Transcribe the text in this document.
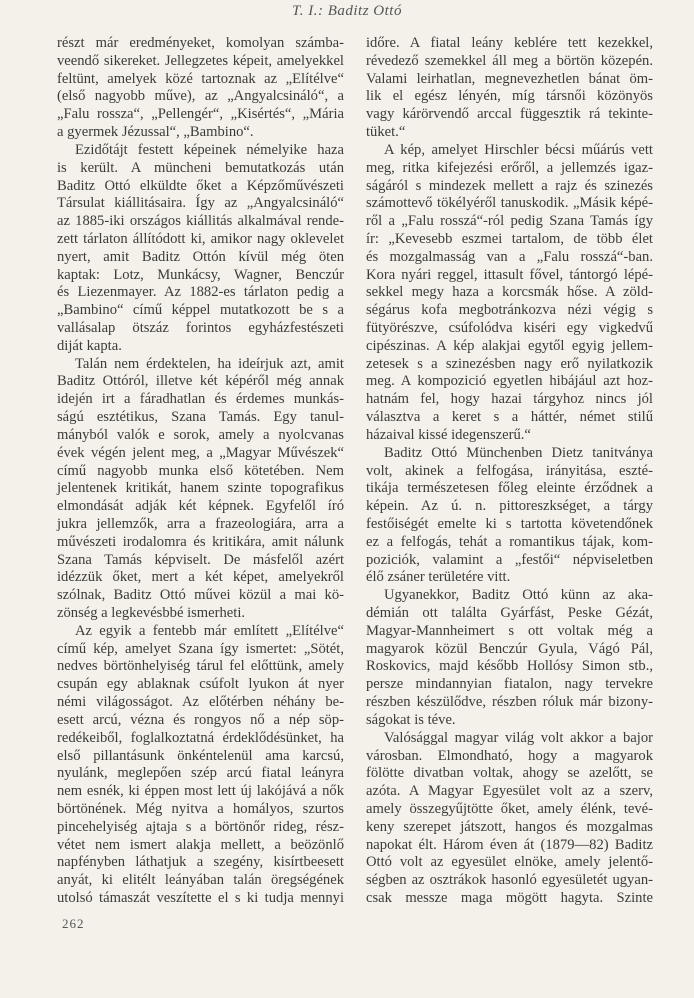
T. I.: Baditz Ottó
részt már eredményeket, komolyan számba-
veendő sikereket. Jellegzetes képeit, amelyekkel
feltünt, amelyek közé tartoznak az „Elítélve“
(első nagyobb műve), az „Angyalcsináló“, a
„Falu rossza“, „Pellengér“, „Kisértés“, „Mária
a gyermek Jézussal“, „Bambino“.
Ezidőtájt festett képeinek némelyike haza
is került. A müncheni bemutatkozás után
Baditz Ottó elküldte őket a Képzőművészeti
Társulat kiállitásaira. Így az „Angyalcsináló“
az 1885-iki országos kiállitás alkalmával rende-
zett tárlaton állítódott ki, amikor nagy oklevelet
nyert, amit Baditz Ottón kívül még öten
kaptak: Lotz, Munkácsy, Wagner, Benczúr
és Liezenmayer. Az 1882-es tárlaton pedig a
„Bambino“ című képpel mutatkozott be s a
vallásalap ötszáz forintos egyházfestészeti
diját kapta.
Talán nem érdektelen, ha ideírjuk azt, amit
Baditz Ottóról, illetve két képéről még annak
idején irt a fáradhatlan és érdemes munkás-
ságú esztétikus, Szana Tamás. Egy tanul-
mányból valók e sorok, amely a nyolcvanas
évek végén jelent meg, a „Magyar Művészek“
című nagyobb munka első kötetében. Nem
jelentenek kritikát, hanem szinte topografikus
elmondását adják két képnek. Egyfelől író
jukra jellemzők, arra a frazeologiára, arra a
művészeti irodalomra és kritikára, amit nálunk
Szana Tamás képviselt. De másfelől azért
idézzük őket, mert a két képet, amelyekről
szólnak, Baditz Ottó művei közül a mai kö-
zönség a legkevésbbé ismerheti.
Az egyik a fentebb már említett „Elítélve“
című kép, amelyet Szana így ismertet: „Sötét,
nedves börtönhelyiség tárul fel előttünk, amely
csupán egy ablaknak csúfolt lyukon át nyer
némi világosságot. Az előtérben néhány be-
esett arcú, vézna és rongyos nő a nép söp-
redékeiből, foglalkoztatná érdeklődésünket, ha
első pillantásunk önkéntelenül ama karcsú,
nyulánk, meglepően szép arcú fiatal leányra
nem esnék, ki éppen most lett új lakójává a nők
börtönének. Még nyitva a homályos, szurtos
pincehelyiség ajtaja s a börtönőr rideg, rész-
vétet nem ismert alakja mellett, a beözönlő
napfényben láthatjuk a szegény, kisírtbeesett
anyát, ki elitélt leányában talán öregségének
utolsó támaszát veszítette el s ki tudja mennyi
időre. A fiatal leány keblére tett kezekkel,
révedező szemekkel áll meg a börtön közepén.
Valami leirhatlan, megnevezhetlen bánat öm-
lik el egész lényén, míg társnői közönyös
vagy kárörvendő arccal függesztik rá tekinte-
tüket.“
A kép, amelyet Hirschler bécsi műárús vett
meg, ritka kifejezési erőről, a jellemzés igaz-
ságáról s mindezek mellett a rajz és szinezés
számottevő tökélyéről tanuskodik. „Másik képé-
ről a „Falu rosszá“-ról pedig Szana Tamás így
ír: „Kevesebb eszmei tartalom, de több élet
és mozgalmasság van a „Falu rosszá“-ban.
Kora nyári reggel, ittasult fővel, tántorgó lépé-
sekkel megy haza a korcsmák hőse. A zöld-
ségárus kofa megbotránkozva nézi végig s
fütyörészve, csúfolódva kiséri egy vigkedvű
cipészinas. A kép alakjai egytől egyig jellem-
zetesek s a szinezésben nagy erő nyilatkozik
meg. A kompozició egyetlen hibájául azt hoz-
hatnám fel, hogy hazai tárgyhoz nincs jól
választva a keret s a háttér, német stilű
házaival kissé idegenszerű.“
Baditz Ottó Münchenben Dietz tanitványa
volt, akinek a felfogása, irányitása, eszté-
tikája természetesen főleg eleinte érződnek a
képein. Az ú. n. pittoreszkséget, a tárgy
festőiségét emelte ki s tartotta követendőnek
ez a felfogás, tehát a romantikus tájak, kom-
poziciók, valamint a „festői“ népviseletben
élő zsáner területére vitt.
Ugyanekkor, Baditz Ottó künn az aka-
démián ott találta Gyárfást, Peske Gézát,
Magyar-Mannheimert s ott voltak még a
magyarok közül Benczúr Gyula, Vágó Pál,
Roskovics, majd később Hollósy Simon stb.,
persze mindannyian fiatalon, nagy tervekre
részben készülődve, részben róluk már bizony-
ságokat is téve.
Valósággal magyar világ volt akkor a bajor
városban. Elmondható, hogy a magyarok
fölötte divatban voltak, ahogy se azelőtt, se
azóta. A Magyar Egyesület volt az a szerv,
amely összegyűjtötte őket, amely élénk, tevé-
keny szerepet játszott, hangos és mozgalmas
napokat élt. Három éven át (1879—82) Baditz
Ottó volt az egyesület elnöke, amely jelentő-
ségben az osztrákok hasonló egyesületét ugyan-
csak messze maga mögött hagyta. Szinte
262
